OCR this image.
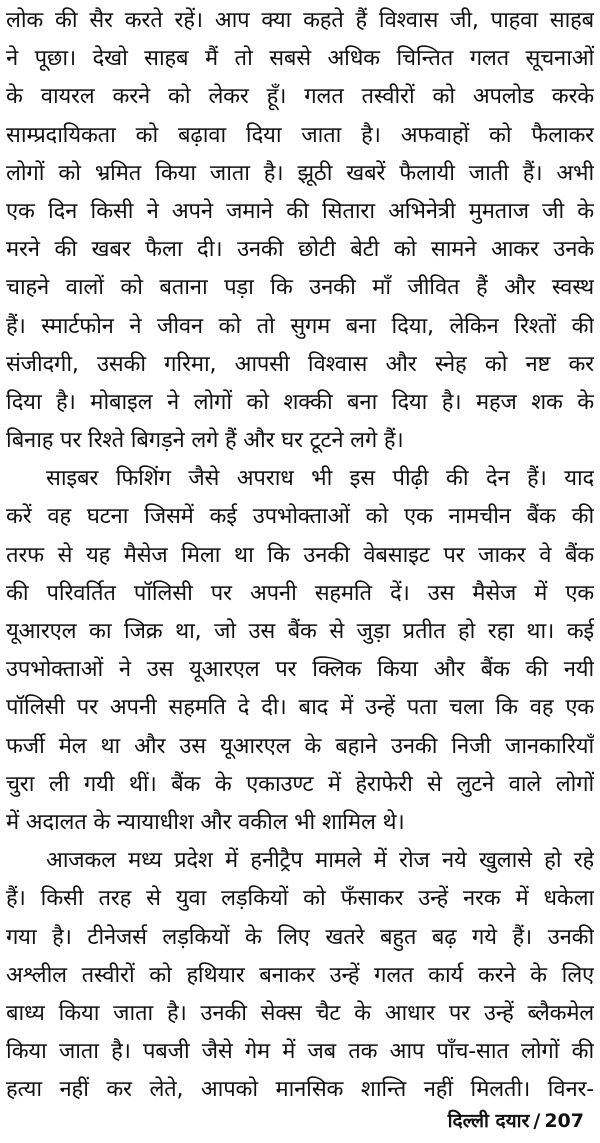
लोक की सैर करते रहें। आप क्या कहते हैं विश्वास जी, पाहवा साहब
ने पूछा। देखो साहब मैं तो सबसे अधिक चिन्तित गलत सूचनाओं
के वायरल करने को लेकर हूँ। गलत तस्वीरों को अपलोड करके
साम्प्रदायिकता को बढ़ावा दिया जाता है। अफवाहों को फैलाकर
लोगों को भ्रमित किया जाता है। झूठी खबरें फैलायी जाती हैं। अभी
एक दिन किसी ने अपने जमाने की सितारा अभिनेत्री मुमताज जी के
मरने की खबर फैला दी। उनकी छोटी बेटी को सामने आकर उनके
चाहने वालों को बताना पड़ा कि उनकी माँ जीवित हैं और स्वस्थ
हैं। स्मार्टफोन ने जीवन को तो सुगम बना दिया, लेकिन रिश्तों की
संजीदगी, उसकी गरिमा, आपसी विश्वास और स्नेह को नष्ट कर
दिया है। मोबाइल ने लोगों को शक्की बना दिया है। महज शक के
बिनाह पर रिश्ते बिगड़ने लगे हैं और घर टूटने लगे हैं।
साइबर फिशिंग जैसे अपराध भी इस पीढ़ी की देन हैं। याद
करें वह घटना जिसमें कई उपभोक्ताओं को एक नामचीन बैंक की
तरफ से यह मैसेज मिला था कि उनकी वेबसाइट पर जाकर वे बैंक
की परिवर्तित पॉलिसी पर अपनी सहमति दें। उस मैसेज में एक
यूआरएल का जिक्र था, जो उस बैंक से जुड़ा प्रतीत हो रहा था। कई
उपभोक्ताओं ने उस यूआरएल पर क्लिक किया और बैंक की नयी
पॉलिसी पर अपनी सहमति दे दी। बाद में उन्हें पता चला कि वह एक
फर्जी मेल था और उस यूआरएल के बहाने उनकी निजी जानकारियाँ
चुरा ली गयी थीं। बैंक के एकाउण्ट में हेराफेरी से लुटने वाले लोगों
में अदालत के न्यायाधीश और वकील भी शामिल थे।
आजकल मध्य प्रदेश में हनीट्रैप मामले में रोज नये खुलासे हो रहे
हैं। किसी तरह से युवा लड़कियों को फँसाकर उन्हें नरक में धकेला
गया है। टीनेजर्स लड़कियों के लिए खतरे बहुत बढ़ गये हैं। उनकी
अश्लील तस्वीरों को हथियार बनाकर उन्हें गलत कार्य करने के लिए
बाध्य किया जाता है। उनकी सेक्स चैट के आधार पर उन्हें ब्लैकमेल
किया जाता है। पबजी जैसे गेम में जब तक आप पाँच-सात लोगों की
हत्या नहीं कर लेते, आपको मानसिक शान्ति नहीं मिलती। विनर-
दिल्ली दयार / 207
